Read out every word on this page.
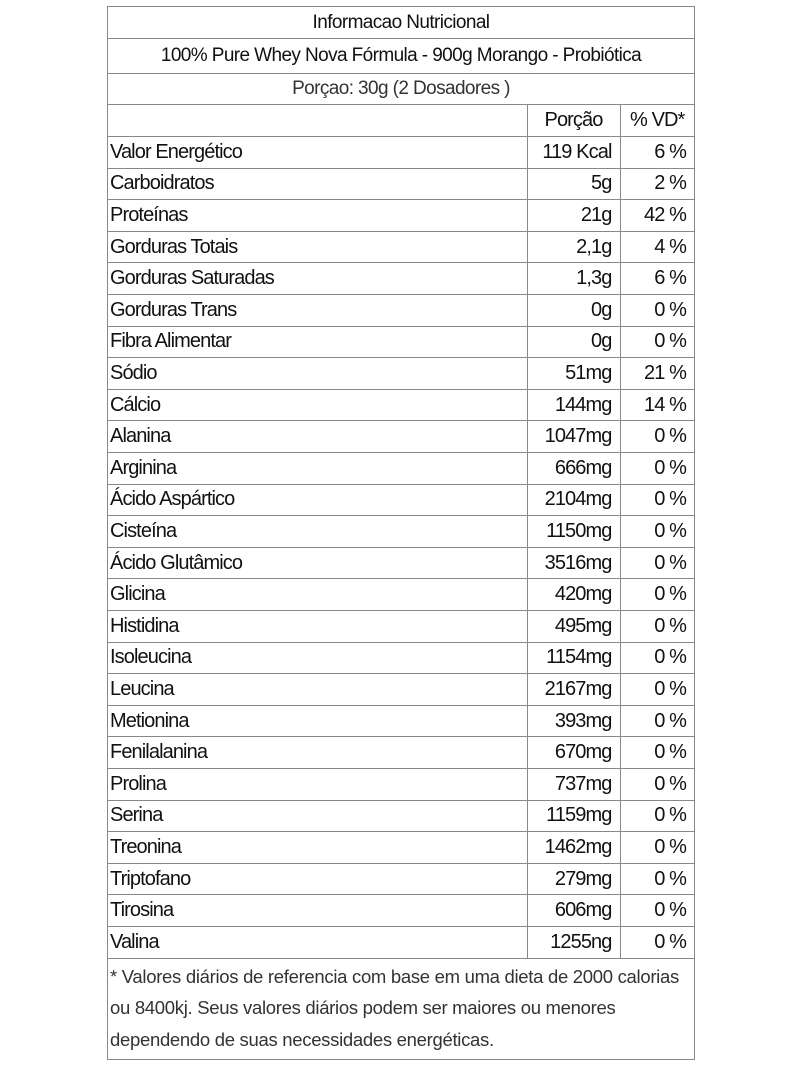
Informacao Nutricional
100% Pure Whey Nova Fórmula - 900g Morango - Probiótica
Porçao: 30g (2 Dosadores )
	Porção	% VD*
Valor Energético	119 Kcal	6 %
Carboidratos	5g	2 %
Proteínas	21g	42 %
Gorduras Totais	2,1g	4 %
Gorduras Saturadas	1,3g	6 %
Gorduras Trans	0g	0 %
Fibra Alimentar	0g	0 %
Sódio	51mg	21 %
Cálcio	144mg	14 %
Alanina	1047mg	0 %
Arginina	666mg	0 %
Ácido Aspártico	2104mg	0 %
Cisteína	1150mg	0 %
Ácido Glutâmico	3516mg	0 %
Glicina	420mg	0 %
Histidina	495mg	0 %
Isoleucina	1154mg	0 %
Leucina	2167mg	0 %
Metionina	393mg	0 %
Fenilalanina	670mg	0 %
Prolina	737mg	0 %
Serina	1159mg	0 %
Treonina	1462mg	0 %
Triptofano	279mg	0 %
Tirosina	606mg	0 %
Valina	1255ng	0 %
* Valores diários de referencia com base em uma dieta de 2000 calorias ou 8400kj. Seus valores diários podem ser maiores ou menores dependendo de suas necessidades energéticas.
